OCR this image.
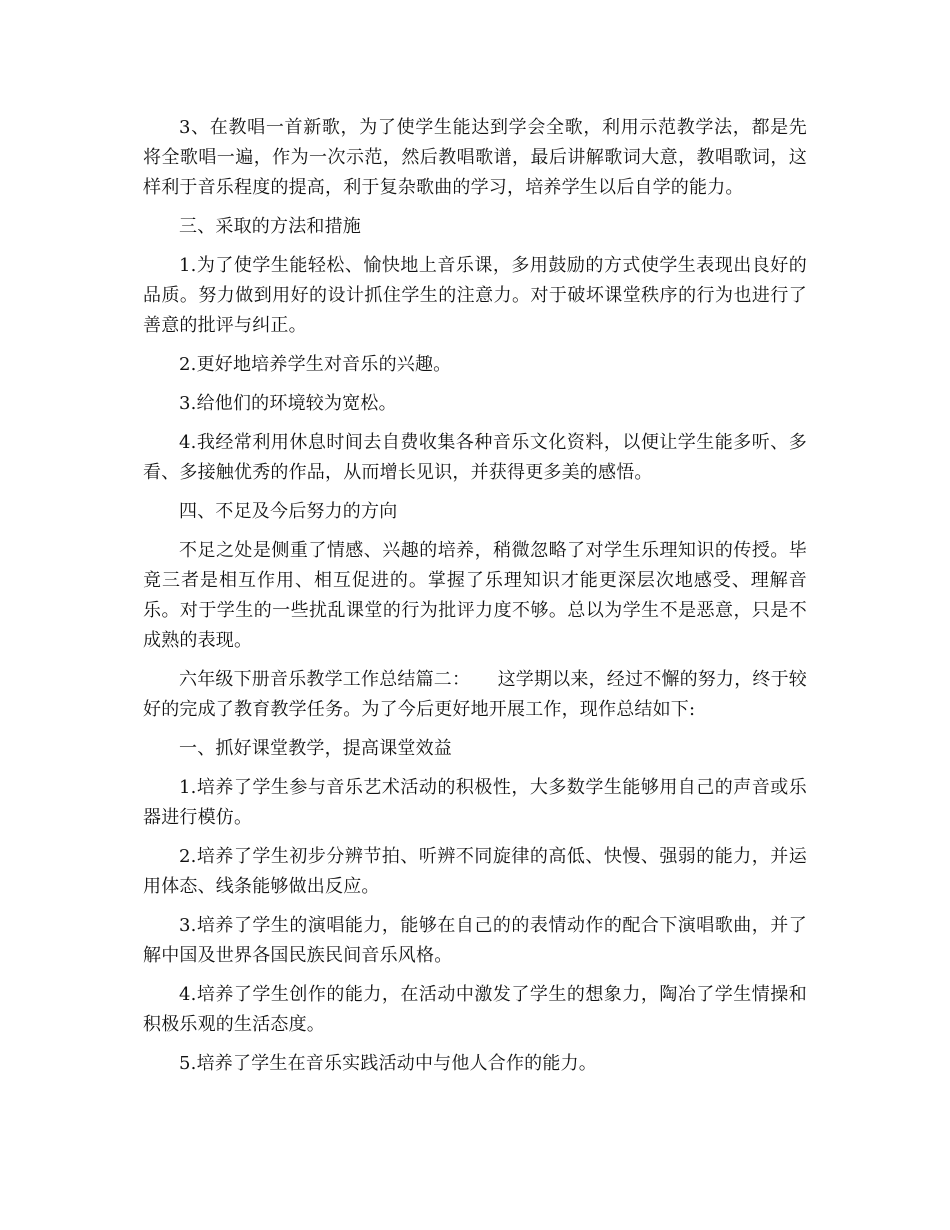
3、在教唱一首新歌，为了使学生能达到学会全歌，利用示范教学法，都是先将全歌唱一遍，作为一次示范，然后教唱歌谱，最后讲解歌词大意，教唱歌词，这样利于音乐程度的提高，利于复杂歌曲的学习，培养学生以后自学的能力。

三、采取的方法和措施

1.为了使学生能轻松、愉快地上音乐课，多用鼓励的方式使学生表现出良好的品质。努力做到用好的设计抓住学生的注意力。对于破坏课堂秩序的行为也进行了善意的批评与纠正。

2.更好地培养学生对音乐的兴趣。

3.给他们的环境较为宽松。

4.我经常利用休息时间去自费收集各种音乐文化资料，以便让学生能多听、多看、多接触优秀的作品，从而增长见识，并获得更多美的感悟。

四、不足及今后努力的方向

不足之处是侧重了情感、兴趣的培养，稍微忽略了对学生乐理知识的传授。毕竟三者是相互作用、相互促进的。掌握了乐理知识才能更深层次地感受、理解音乐。对于学生的一些扰乱课堂的行为批评力度不够。总以为学生不是恶意，只是不成熟的表现。

六年级下册音乐教学工作总结篇二：　　这学期以来，经过不懈的努力，终于较好的完成了教育教学任务。为了今后更好地开展工作，现作总结如下:

一、抓好课堂教学，提高课堂效益

1.培养了学生参与音乐艺术活动的积极性，大多数学生能够用自己的声音或乐器进行模仿。

2.培养了学生初步分辨节拍、听辨不同旋律的高低、快慢、强弱的能力，并运用体态、线条能够做出反应。

3.培养了学生的演唱能力，能够在自己的的表情动作的配合下演唱歌曲，并了解中国及世界各国民族民间音乐风格。

4.培养了学生创作的能力，在活动中激发了学生的想象力，陶冶了学生情操和积极乐观的生活态度。

5.培养了学生在音乐实践活动中与他人合作的能力。
